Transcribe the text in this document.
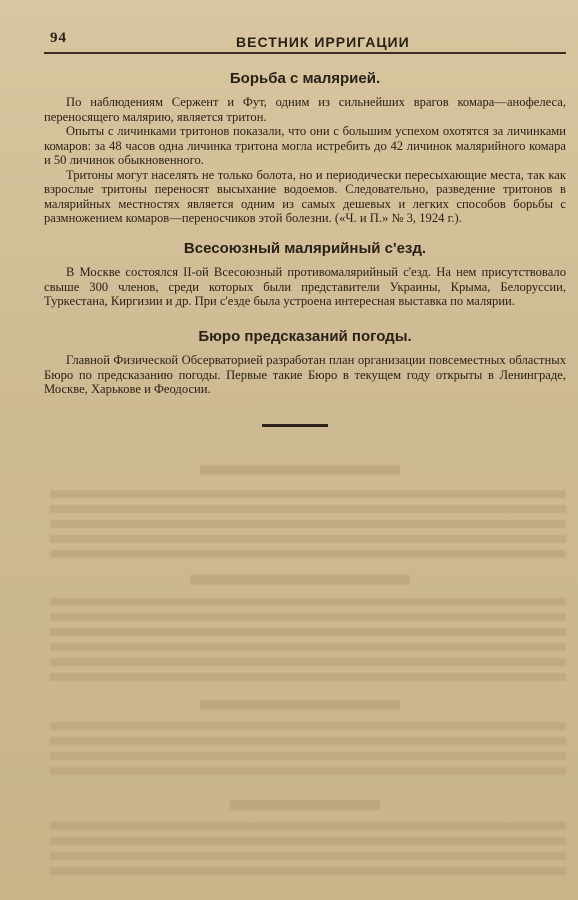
94	ВЕСТНИК ИРРИГАЦИИ
Борьба с малярией.

По наблюдениям Сержент и Фут, одним из сильнейших врагов комара—анофелеса, переносящего малярию, является тритон.

Опыты с личинками тритонов показали, что они с большим успехом охотятся за личинками комаров: за 48 часов одна личинка тритона могла истребить до 42 личинок малярийного комара и 50 личинок обыкновенного.

Тритоны могут населять не только болота, но и периодически пересыхающие места, так как взрослые тритоны переносят высыхание водоемов. Следовательно, разведение тритонов в малярийных местностях является одним из самых дешевых и легких способов борьбы с размножением комаров—переносчиков этой болезни. («Ч. и П.» № 3, 1924 г.).

Всесоюзный малярийный с'езд.

В Москве состоялся II-ой Всесоюзный противомалярийный с'езд. На нем присутствовало свыше 300 членов, среди которых были представители Украины, Крыма, Белоруссии, Туркестана, Киргизии и др. При с'езде была устроена интересная выставка по малярии.

Бюро предсказаний погоды.

Главной Физической Обсерваторией разработан план организации повсеместных областных Бюро по предсказанию погоды. Первые такие Бюро в текущем году открыты в Ленинграде, Москве, Харькове и Феодосии.
